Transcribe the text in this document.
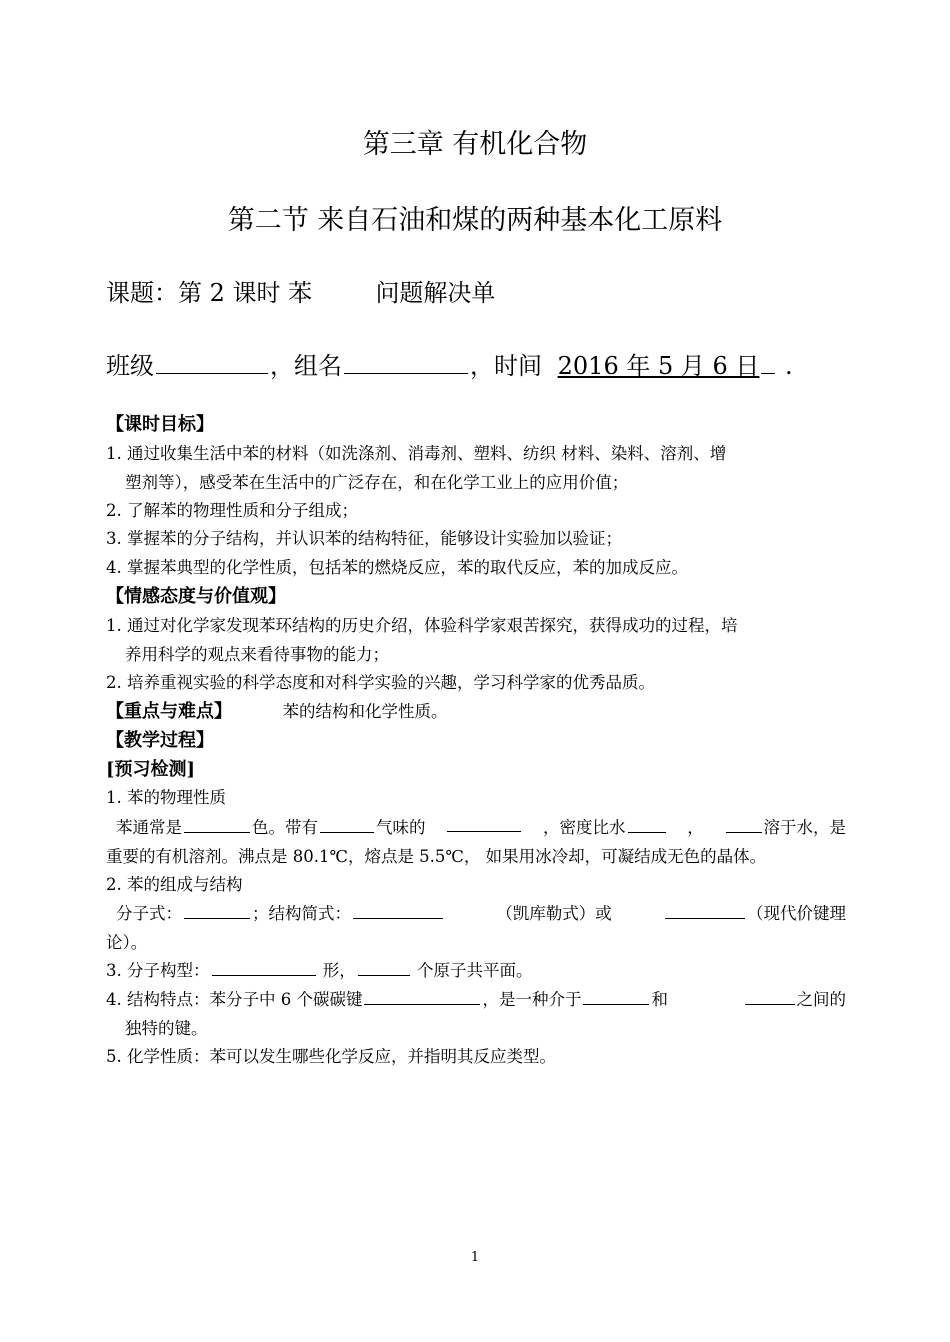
第三章 有机化合物
第二节 来自石油和煤的两种基本化工原料
课题：第 2 课时 苯	问题解决单
班级	，组名	，时间 2016 年 5 月 6 日 .
【课时目标】
1. 通过收集生活中苯的材料（如洗涤剂、消毒剂、塑料、纺织 材料、染料、溶剂、增
塑剂等），感受苯在生活中的广泛存在，和在化学工业上的应用价值；
2. 了解苯的物理性质和分子组成；
3. 掌握苯的分子结构，并认识苯的结构特征，能够设计实验加以验证；
4. 掌握苯典型的化学性质，包括苯的燃烧反应，苯的取代反应，苯的加成反应。
【情感态度与价值观】
1. 通过对化学家发现苯环结构的历史介绍，体验科学家艰苦探究，获得成功的过程，培
养用科学的观点来看待事物的能力；
2. 培养重视实验的科学态度和对科学实验的兴趣，学习科学家的优秀品质。
【重点与难点】	苯的结构和化学性质。
【教学过程】
[预习检测]
1. 苯的物理性质
苯通常是	色。带有	气味的	，密度比水	，	溶于水，是
重要的有机溶剂。沸点是 80.1℃，熔点是 5.5℃， 如果用冰冷却，可凝结成无色的晶体。
2. 苯的组成与结构
分子式：	；结构简式：	（凯库勒式）或	（现代价键理
论）。
3. 分子构型：	形，	个原子共平面。
4. 结构特点：苯分子中 6 个碳碳键	，是一种介于	和	之间的
独特的键。
5. 化学性质：苯可以发生哪些化学反应，并指明其反应类型。
1
